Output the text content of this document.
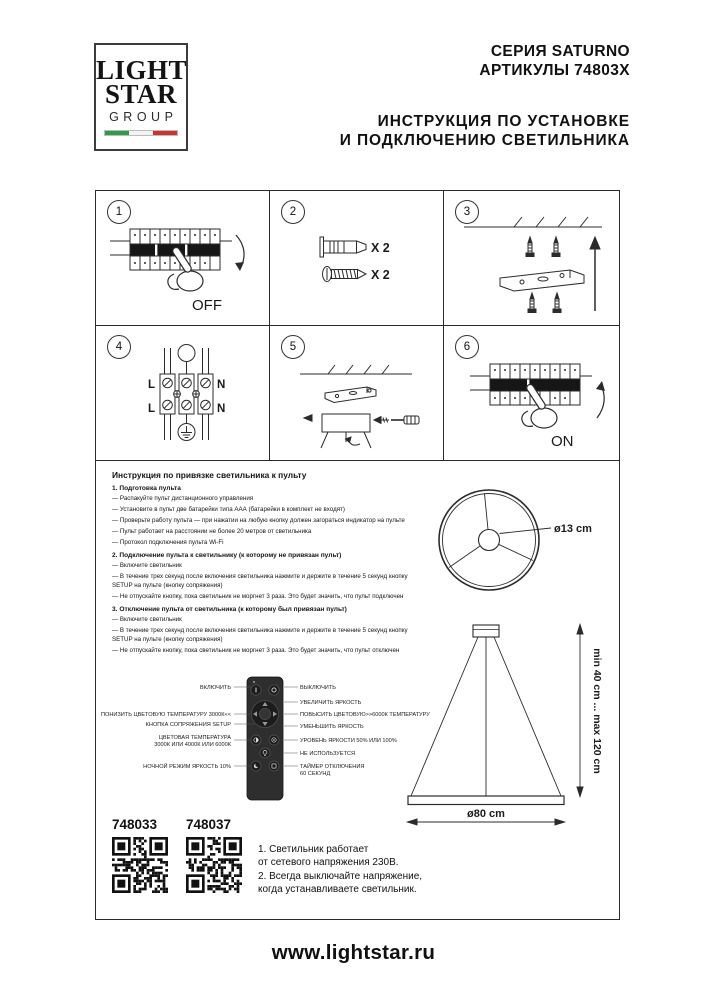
LIGHT
STAR
GROUP
СЕРИЯ SATURNO
АРТИКУЛЫ 74803X
ИНСТРУКЦИЯ ПО УСТАНОВКЕ
И ПОДКЛЮЧЕНИЮ СВЕТИЛЬНИКА
1
OFF
2
X 2
X 2
3
4
L	N
L	N
5	6
ON
Инструкция по привязке светильника к пульту
1. Подготовка пульта

— Распакуйте пульт дистанционного управления

— Установите в пульт две батарейки типа ААА (батарейки в комплект не входят)

— Проверьте работу пульта — при нажатии на любую кнопку должен загораться индикатор на пульте

— Пульт работает на расстоянии не более 20 метров от светильника

— Протокол подключения пульта Wi-Fi

2. Подключение пульта к светильнику (к которому не привязан пульт)

— Включите светильник

— В течение трех секунд после включения светильника нажмите и держите в течение 5 секунд кнопку SETUP на пульте (кнопку сопряжения)

— Не отпускайте кнопку, пока светильник не моргнет 3 раза. Это будет значить, что пульт подключен

3. Отключение пульта от светильника (к которому был привязан пульт)

— Включите светильник

— В течение трех секунд после включения светильника нажмите и держите в течение 5 секунд кнопку SETUP на пульте (кнопку сопряжения)

— Не отпускайте кнопку, пока светильник не моргнет 3 раза. Это будет значить, что пульт отключен

ø13 cm
ВКЛЮЧИТЬ
ПОНИЗИТЬ ЦВЕТОВУЮ ТЕМПЕРАТУРУ 3000К<<
КНОПКА СОПРЯЖЕНИЯ SETUP
ЦВЕТОВАЯ ТЕМПЕРАТУРА
3000К ИЛИ 4000К ИЛИ 6000К
НОЧНОЙ РЕЖИМ ЯРКОСТЬ 10%
ВЫКЛЮЧИТЬ
УВЕЛИЧИТЬ ЯРКОСТЬ
ПОВЫСИТЬ ЦВЕТОВУЮ>>6000К ТЕМПЕРАТУРУ
УМЕНЬШИТЬ ЯРКОСТЬ
УРОВЕНЬ ЯРКОСТИ 50% ИЛИ 100%
НЕ ИСПОЛЬЗУЕТСЯ
ТАЙМЕР ОТКЛЮЧЕНИЯ
60 СЕКУНД
min 40 cm ... max 120 cm
ø80 cm
748033 748037
1. Светильник работает
от сетевого напряжения 230В.
2. Всегда выключайте напряжение,
когда устанавливаете светильник.
www.lightstar.ru
